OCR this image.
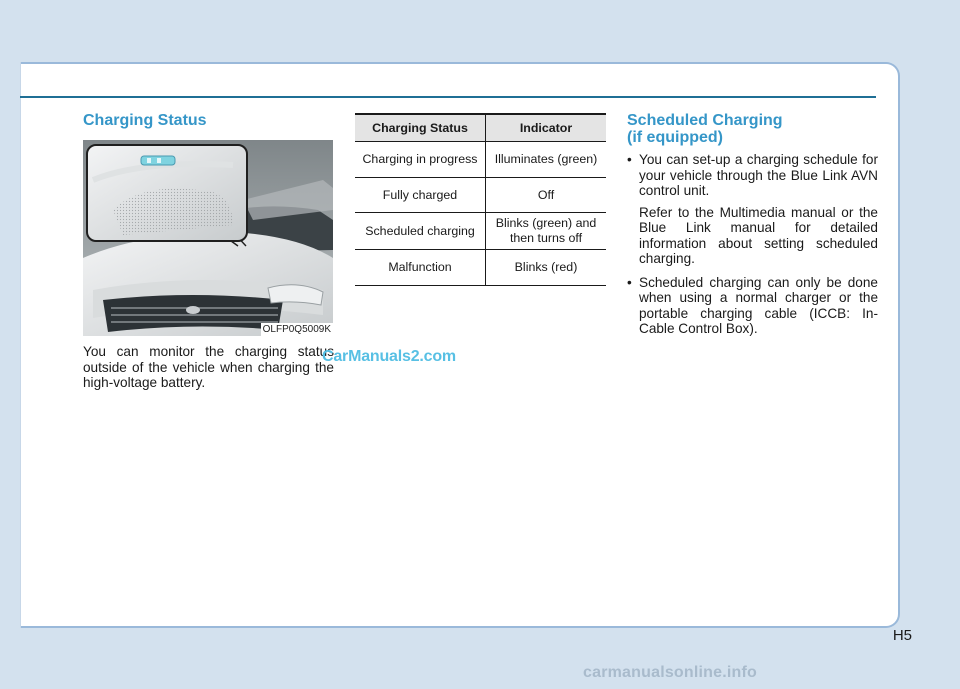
Charging Status
OLFP0Q5009K

You can monitor the charging status outside of the vehicle when charging the high-voltage battery.

Charging Status	Indicator
Charging in progress	Illuminates (green)
Fully charged	Off
Scheduled charging	Blinks (green) and then turns off
Malfunction	Blinks (red)
Scheduled Charging
(if equipped)
• You can set-up a charging schedule for your vehicle through the Blue Link AVN control unit.

Refer to the Multimedia manual or the Blue Link manual for detailed information about setting scheduled charging.

• Scheduled charging can only be done when using a normal charger or the portable charging cable (ICCB: In-Cable Control Box).

CarManuals2.com
H5
carmanualsonline.info
